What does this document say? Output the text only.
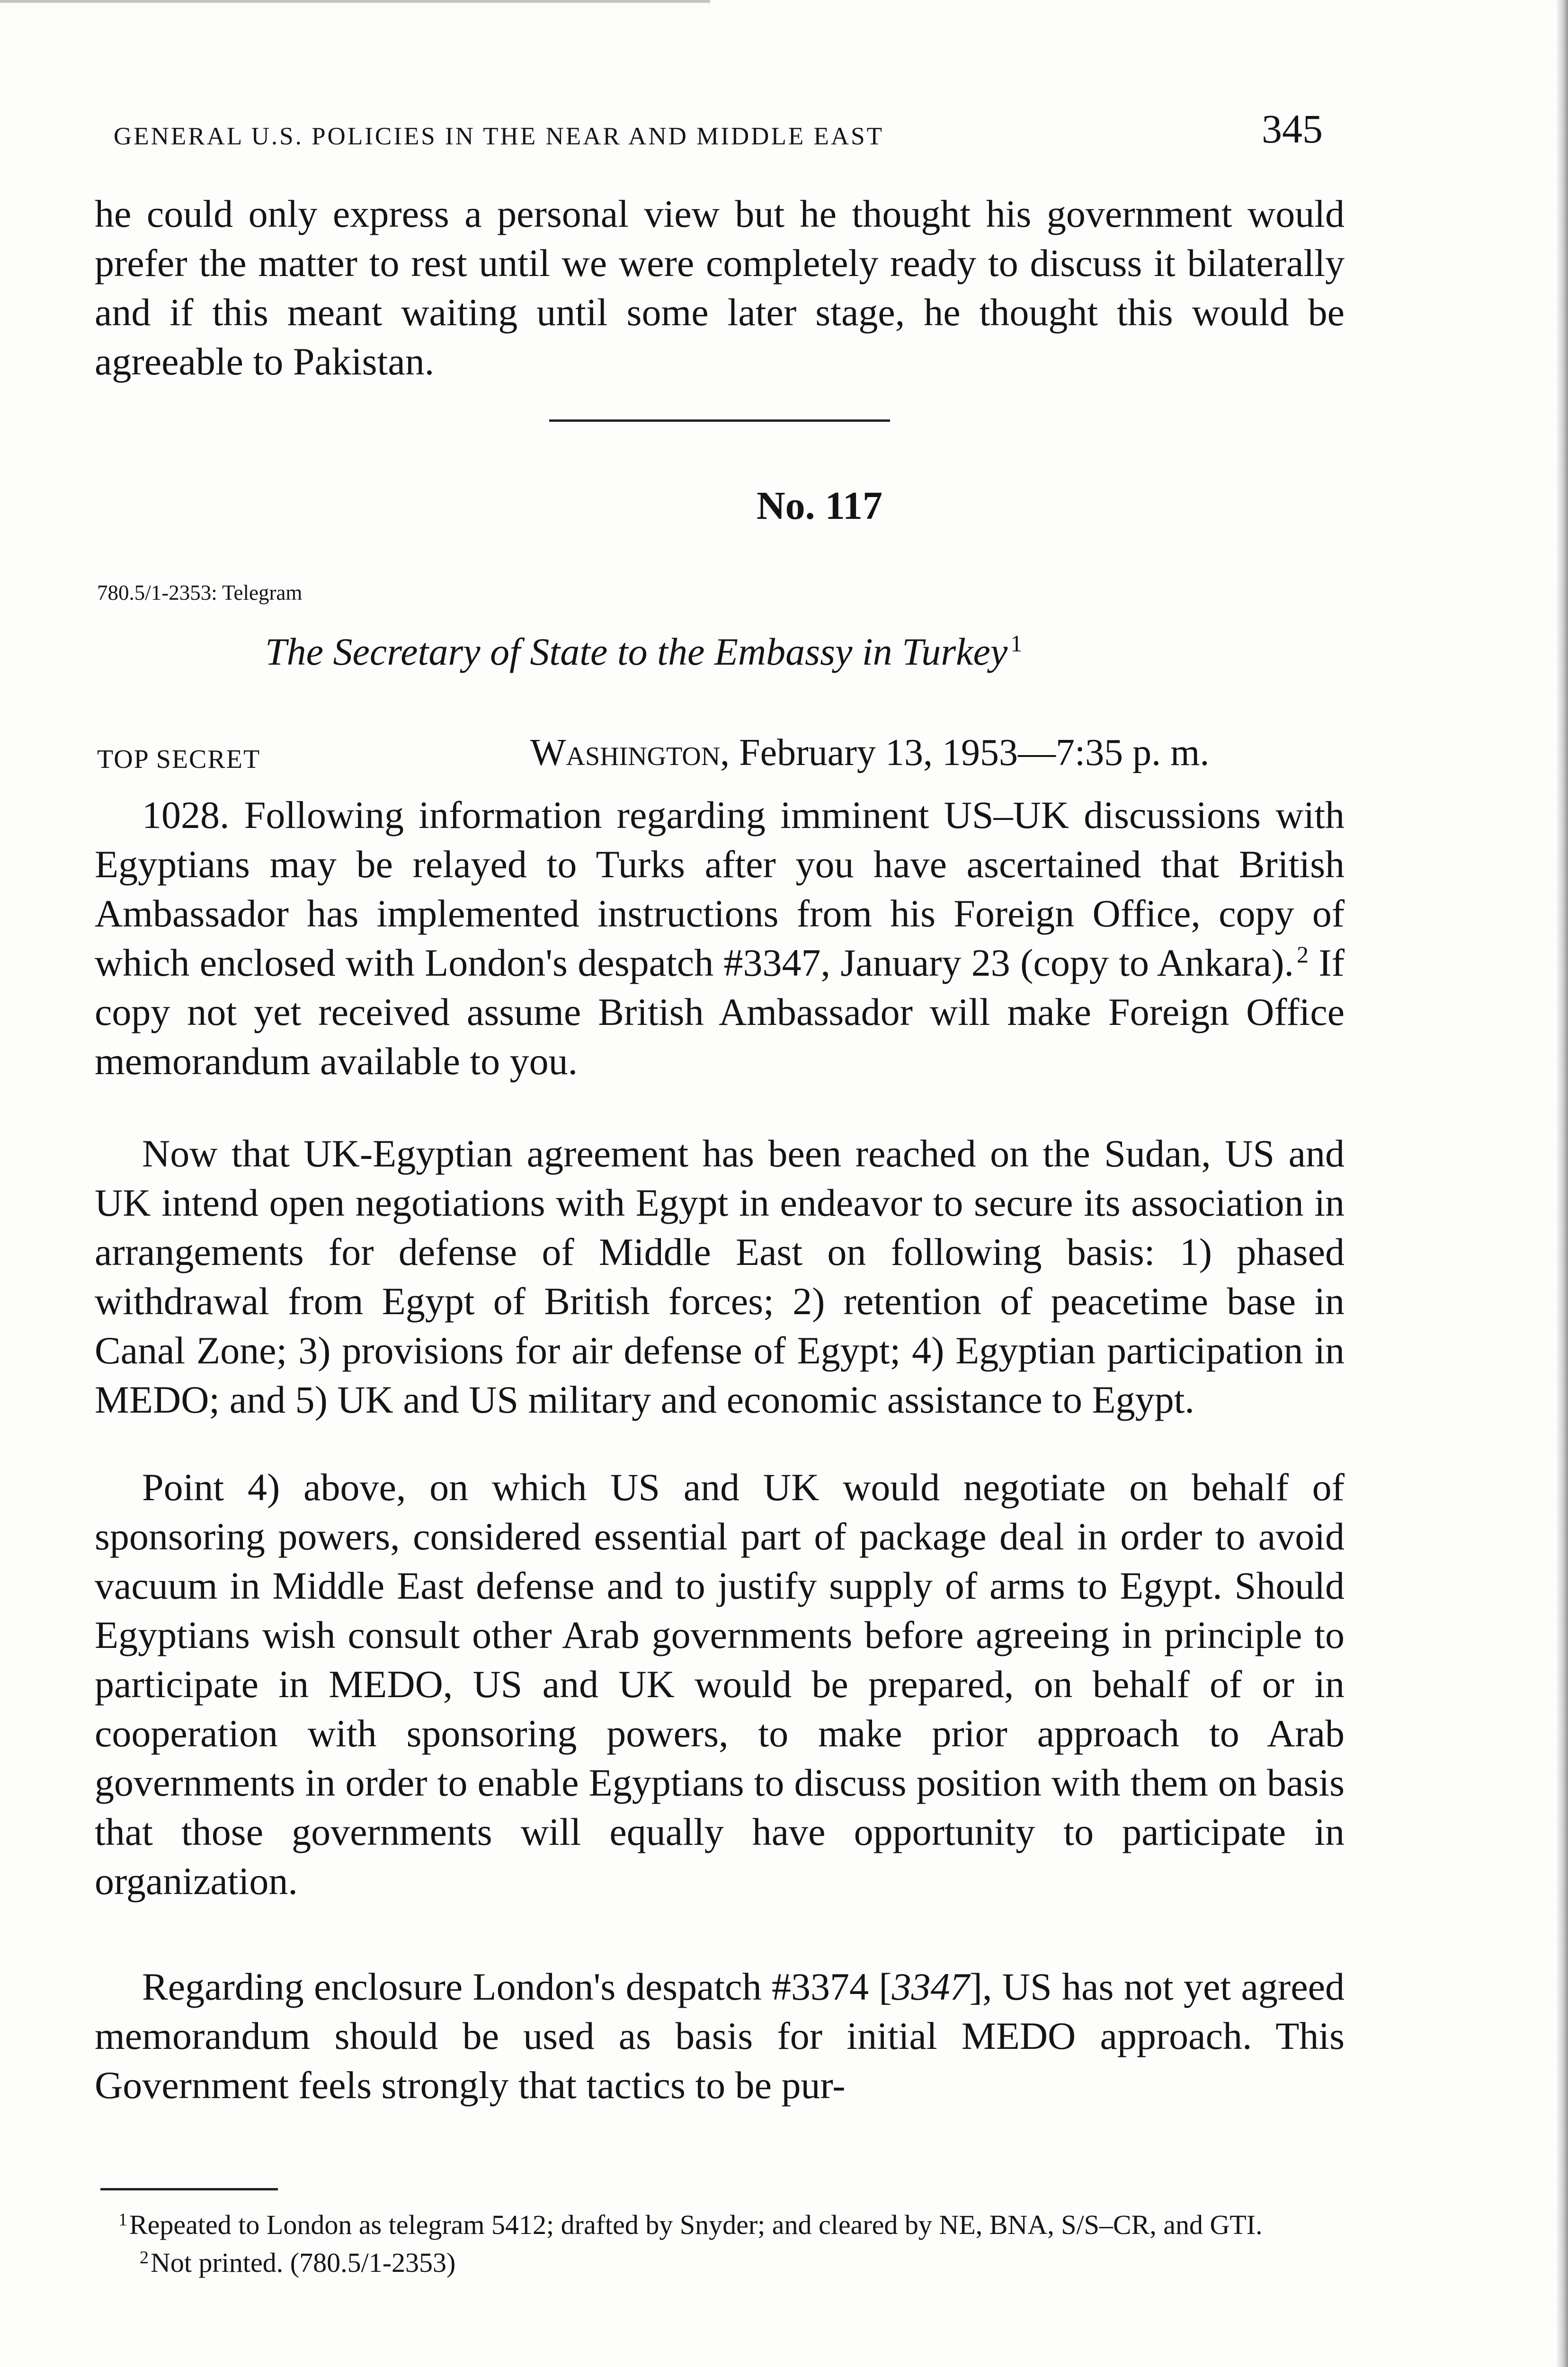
GENERAL U.S. POLICIES IN THE NEAR AND MIDDLE EAST	345

he could only express a personal view but he thought his government would prefer the matter to rest until we were completely ready to discuss it bilaterally and if this meant waiting until some later stage, he thought this would be agreeable to Pakistan.

No. 117
780.5/1-2353: Telegram
The Secretary of State to the Embassy in Turkey $^1$
TOP SECRET	Washington, February 13, 1953—7:35 p. m.

1028. Following information regarding imminent US–UK discussions with Egyptians may be relayed to Turks after you have ascertained that British Ambassador has implemented instructions from his Foreign Office, copy of which enclosed with London's despatch #3347, January 23 (copy to Ankara). $^2$ If copy not yet received assume British Ambassador will make Foreign Office memorandum available to you.

Now that UK-Egyptian agreement has been reached on the Sudan, US and UK intend open negotiations with Egypt in endeavor to secure its association in arrangements for defense of Middle East on following basis: 1) phased withdrawal from Egypt of British forces; 2) retention of peacetime base in Canal Zone; 3) provisions for air defense of Egypt; 4) Egyptian participation in MEDO; and 5) UK and US military and economic assistance to Egypt.

Point 4) above, on which US and UK would negotiate on behalf of sponsoring powers, considered essential part of package deal in order to avoid vacuum in Middle East defense and to justify supply of arms to Egypt. Should Egyptians wish consult other Arab governments before agreeing in principle to participate in MEDO, US and UK would be prepared, on behalf of or in cooperation with sponsoring powers, to make prior approach to Arab governments in order to enable Egyptians to discuss position with them on basis that those governments will equally have opportunity to participate in organization.

Regarding enclosure London's despatch #3374 [3347], US has not yet agreed memorandum should be used as basis for initial MEDO approach. This Government feels strongly that tactics to be pur-

$^1$Repeated to London as telegram 5412; drafted by Snyder; and cleared by NE, BNA, S/S–CR, and GTI.

$^2$Not printed. (780.5/1-2353)
